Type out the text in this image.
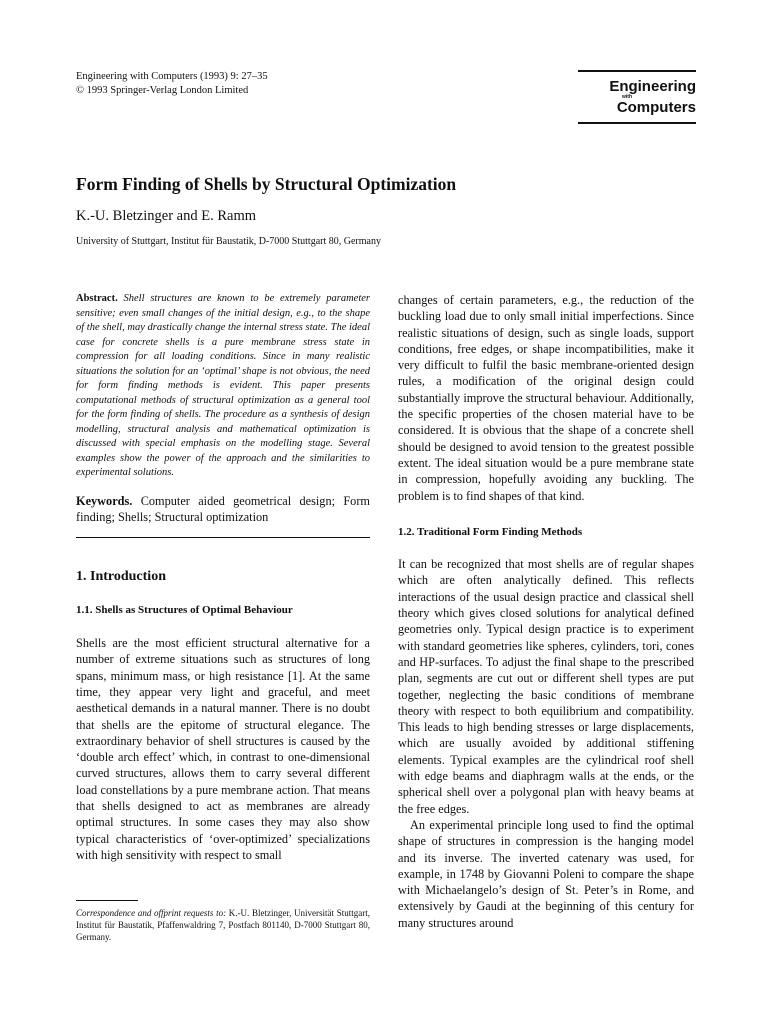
Engineering with Computers (1993) 9: 27–35
© 1993 Springer-Verlag London Limited	Engineering
with
Computers
Form Finding of Shells by Structural Optimization
K.-U. Bletzinger and E. Ramm
University of Stuttgart, Institut für Baustatik, D-7000 Stuttgart 80, Germany
Abstract. Shell structures are known to be extremely parameter sensitive; even small changes of the initial design, e.g., to the shape of the shell, may drastically change the internal stress state. The ideal case for concrete shells is a pure membrane stress state in compression for all loading conditions. Since in many realistic situations the solution for an ‘optimal’ shape is not obvious, the need for form finding methods is evident. This paper presents computational methods of structural optimization as a general tool for the form finding of shells. The procedure as a synthesis of design modelling, structural analysis and mathematical optimization is discussed with special emphasis on the modelling stage. Several examples show the power of the approach and the similarities to experimental solutions.
Keywords. Computer aided geometrical design; Form finding; Shells; Structural optimization
1. Introduction
1.1. Shells as Structures of Optimal Behaviour

Shells are the most efficient structural alternative for a number of extreme situations such as structures of long spans, minimum mass, or high resistance [1]. At the same time, they appear very light and graceful, and meet aesthetical demands in a natural manner. There is no doubt that shells are the epitome of structural elegance. The extraordinary behavior of shell structures is caused by the ‘double arch effect’ which, in contrast to one-dimensional curved structures, allows them to carry several different load constellations by a pure membrane action. That means that shells designed to act as membranes are already optimal structures. In some cases they may also show typical characteristics of ‘over-optimized’ specializations with high sensitivity with respect to small

Correspondence and offprint requests to: K.-U. Bletzinger, Universität Stuttgart, Institut für Baustatik, Pfaffenwaldring 7, Postfach 801140, D-7000 Stuttgart 80, Germany.

changes of certain parameters, e.g., the reduction of the buckling load due to only small initial imperfections. Since realistic situations of design, such as single loads, support conditions, free edges, or shape incompatibilities, make it very difficult to fulfil the basic membrane-oriented design rules, a modification of the original design could substantially improve the structural behaviour. Additionally, the specific properties of the chosen material have to be considered. It is obvious that the shape of a concrete shell should be designed to avoid tension to the greatest possible extent. The ideal situation would be a pure membrane state in compression, hopefully avoiding any buckling. The problem is to find shapes of that kind.

1.2. Traditional Form Finding Methods

It can be recognized that most shells are of regular shapes which are often analytically defined. This reflects interactions of the usual design practice and classical shell theory which gives closed solutions for analytical defined geometries only. Typical design practice is to experiment with standard geometries like spheres, cylinders, tori, cones and HP-surfaces. To adjust the final shape to the prescribed plan, segments are cut out or different shell types are put together, neglecting the basic conditions of membrane theory with respect to both equilibrium and compatibility. This leads to high bending stresses or large displacements, which are usually avoided by additional stiffening elements. Typical examples are the cylindrical roof shell with edge beams and diaphragm walls at the ends, or the spherical shell over a polygonal plan with heavy beams at the free edges.

An experimental principle long used to find the optimal shape of structures in compression is the hanging model and its inverse. The inverted catenary was used, for example, in 1748 by Giovanni Poleni to compare the shape with Michaelangelo’s design of St. Peter’s in Rome, and extensively by Gaudi at the beginning of this century for many structures around
